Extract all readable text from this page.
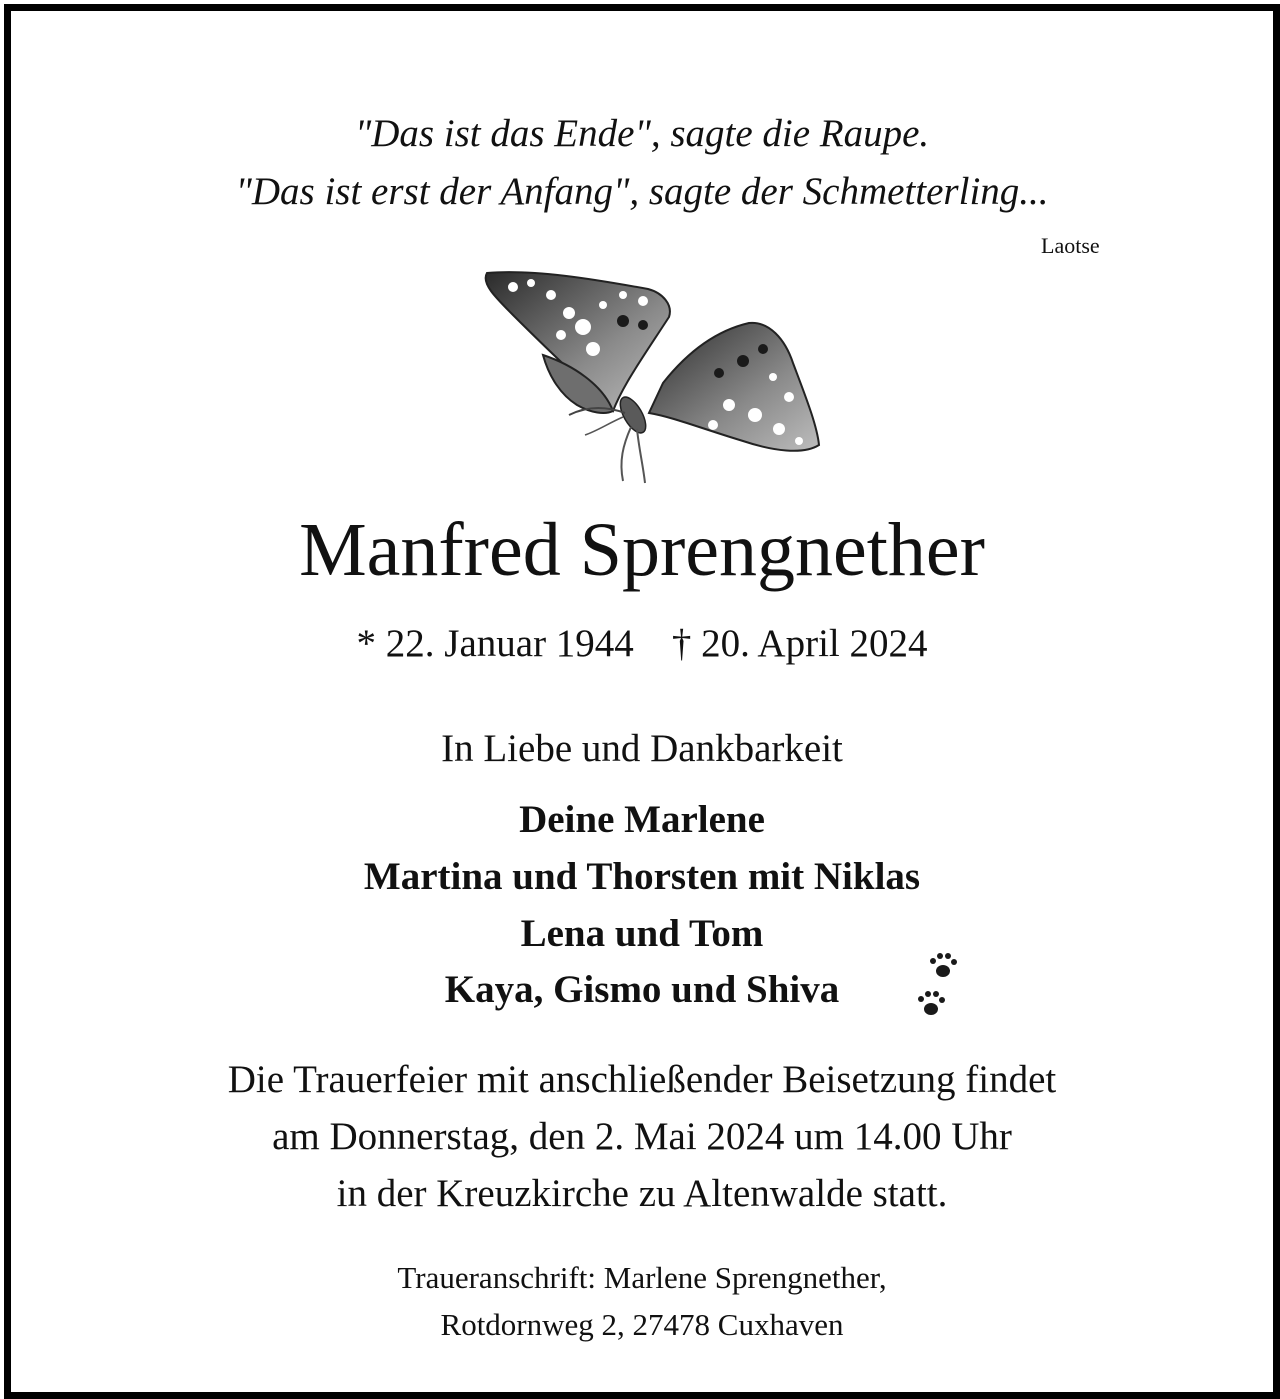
"Das ist das Ende", sagte die Raupe.
"Das ist erst der Anfang", sagte der Schmetterling...
Laotse
Manfred Sprengnether
* 22. Januar 1944 † 20. April 2024
In Liebe und Dankbarkeit
Deine Marlene
Martina und Thorsten mit Niklas
Lena und Tom
Kaya, Gismo und Shiva
Die Trauerfeier mit anschließender Beisetzung findet
am Donnerstag, den 2. Mai 2024 um 14.00 Uhr
in der Kreuzkirche zu Altenwalde statt.
Traueranschrift: Marlene Sprengnether,
Rotdornweg 2, 27478 Cuxhaven
